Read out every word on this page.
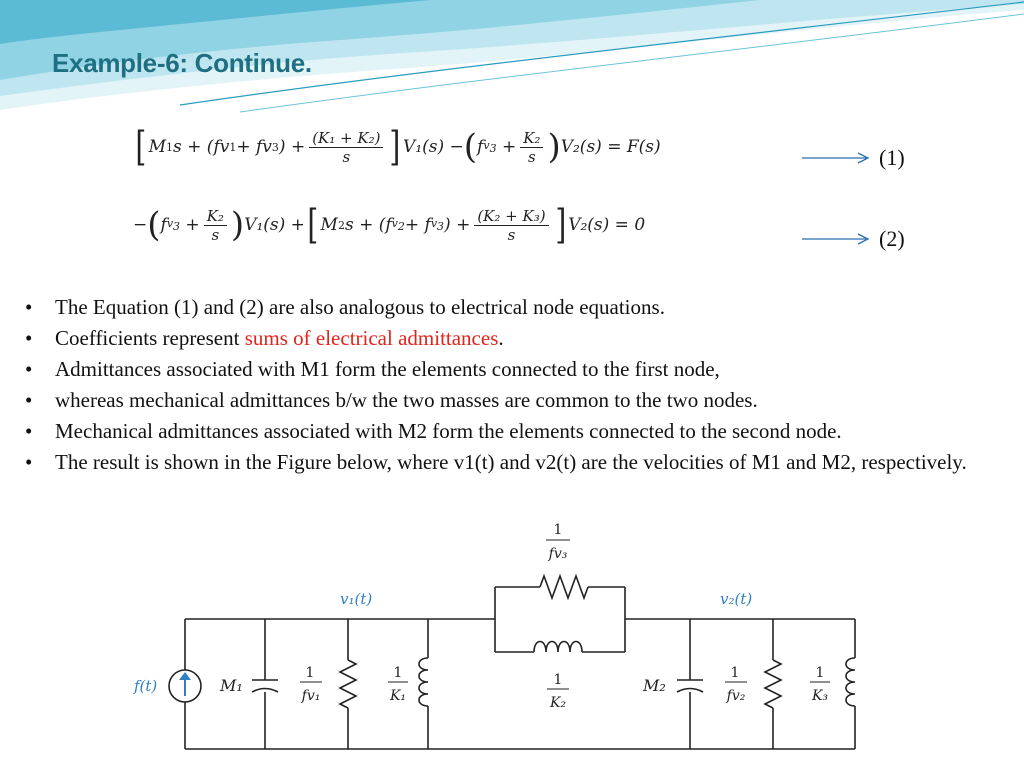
Example-6: Continue.
[ M 1 s + (f v 1 + f v 3 ) + $\frac{\text{(K₁ + K₂)}}{s}$ ] V₁(s) − ( f $v_3 + \frac{\text{K₂}}{s}$ ) V₂(s) = F(s)	(1)
− ( f $v_3 + \frac{\text{K₂}}{s}$ ) V₁(s) + [ M 2 s + (f $v_2 + f$ $v_3$ ) + $\frac{\text{(K₂ + K₃)}}{s}$ ] V₂(s) = 0
(2)
• The Equation (1) and (2) are also analogous to electrical node equations.
• Coefficients represent sums of electrical admittances.
• Admittances associated with M1 form the elements connected to the first node,
• whereas mechanical admittances b/w the two masses are common to the two nodes.
• Mechanical admittances associated with M2 form the elements connected to the second node.
• The result is shown in the Figure below, where v1(t) and v2(t) are the velocities of M1 and M2, respectively.
v₁(t)	v₂(t)
f(t)	M₁	M₂
1
fv₁
1
K₁
1
fv₃
1
K₂
1
fv₂
1
K₃
